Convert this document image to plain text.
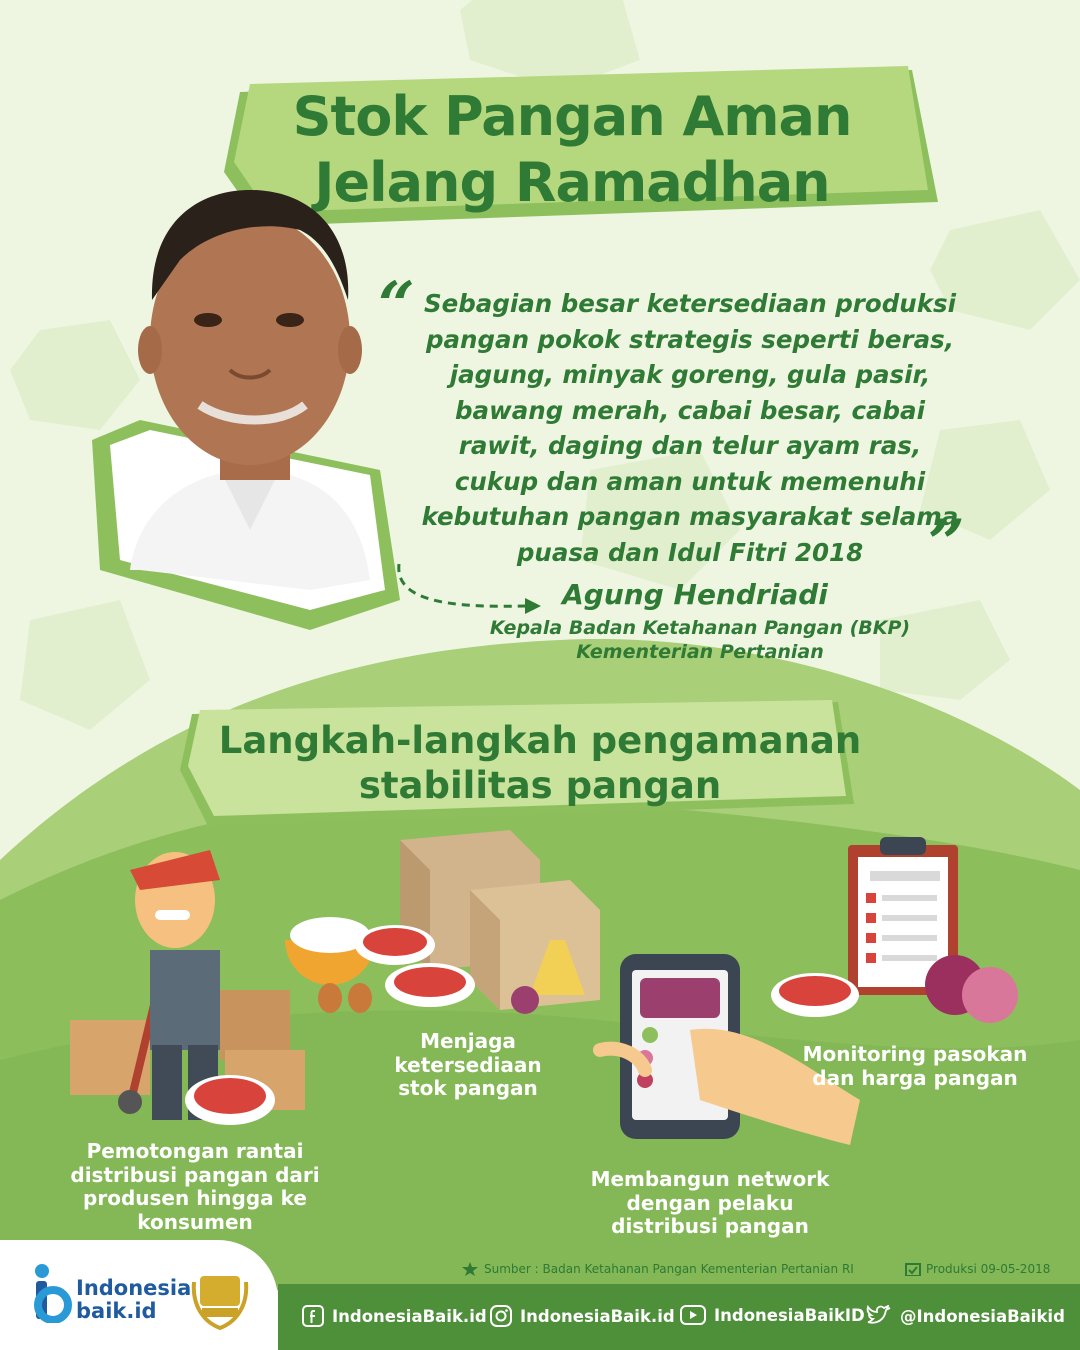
Stok Pangan Aman
Jelang Ramadhan
“ Sebagian besar ketersediaan produksi pangan pokok strategis seperti beras, jagung, minyak goreng, gula pasir, bawang merah, cabai besar, cabai rawit, daging dan telur ayam ras, cukup dan aman untuk memenuhi kebutuhan pangan masyarakat selama puasa dan Idul Fitri 2018	”
Agung Hendriadi
Kepala Badan Ketahanan Pangan (BKP)
Kementerian Pertanian
Langkah-langkah pengamanan
stabilitas pangan
Pemotongan rantai distribusi pangan dari produsen hingga ke konsumen
Menjaga ketersediaan stok pangan
Membangun network dengan pelaku distribusi pangan
Monitoring pasokan dan harga pangan
Sumber : Badan Ketahanan Pangan Kementerian Pertanian RI	Produksi 09-05-2018
Indonesia
baik.id	IndonesiaBaik.id IndonesiaBaik.id IndonesiaBaikID @IndonesiaBaikid
